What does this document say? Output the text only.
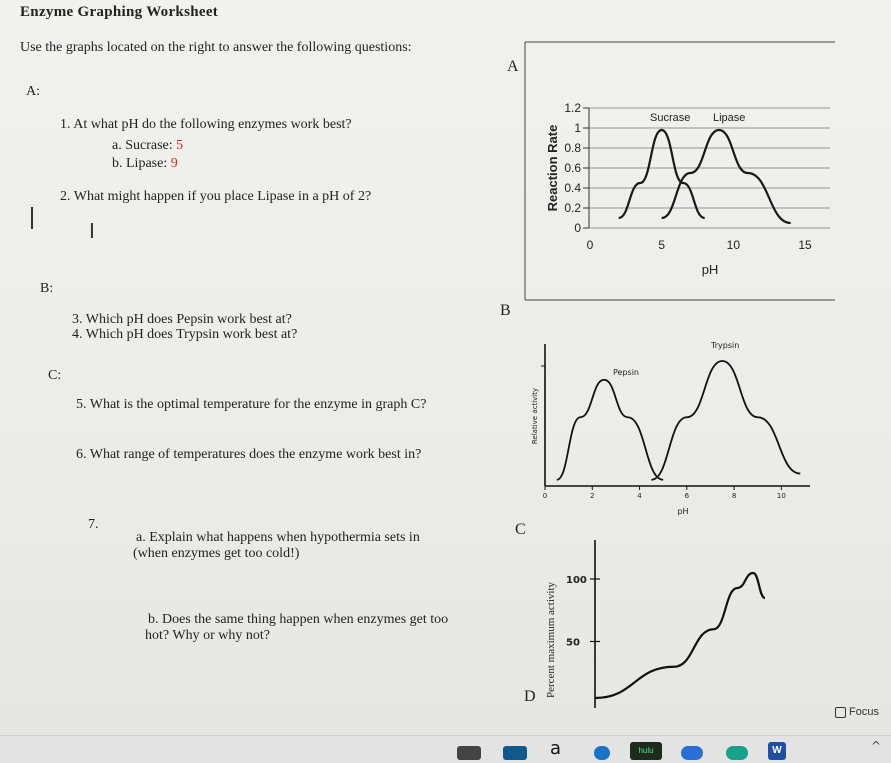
Enzyme Graphing Worksheet
Use the graphs located on the right to answer the following questions:
A:
1. At what pH do the following enzymes work best?
a. Sucrase: 5
b. Lipase: 9
2. What might happen if you place Lipase in a pH of 2?
I
B:
3. Which pH does Pepsin work best at?
4. Which pH does Trypsin work best at?
C:
5. What is the optimal temperature for the enzyme in graph C?
6. What range of temperatures does the enzyme work best in?
7.
a. Explain what happens when hypothermia sets in
(when enzymes get too cold!)
b. Does the same thing happen when enzymes get too
hot? Why or why not?
A
1.2
1
0.8
0.6
0.4
0.2
0
0	5	10	15
pH
Reaction Rate
Sucrase Lipase
B
0	2	4	6	8	10
pH
Relative activity
Pepsin
Trypsin
C
D
100
50
Percent maximum activity
Focus
a	hulu	W	^
